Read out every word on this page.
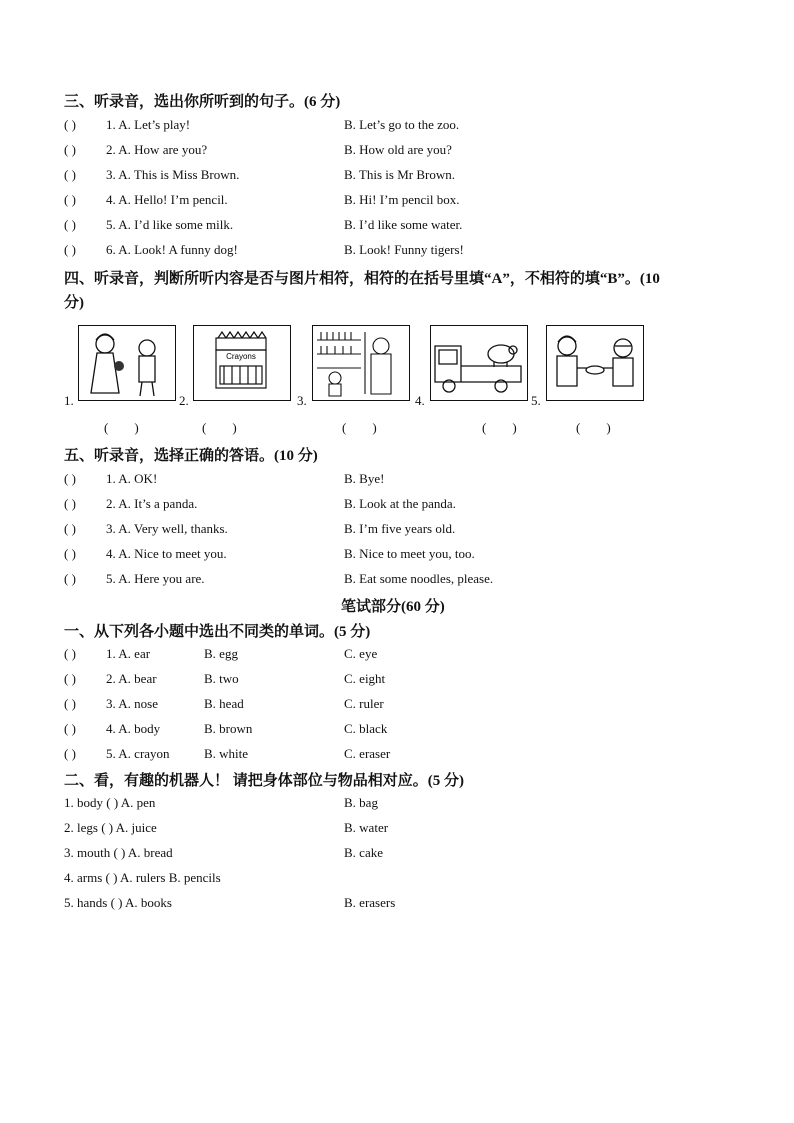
三、听录音，选出你所听到的句子。(6 分)
( ) 1. A. Let’s play!	B. Let’s go to the zoo.
( ) 2. A. How are you?	B. How old are you?
( ) 3. A. This is Miss Brown.	B. This is Mr Brown.
( ) 4. A. Hello! I’m pencil.	B. Hi! I’m pencil box.
( ) 5. A. I’d like some milk.	B. I’d like some water.
( ) 6. A. Look! A funny dog!	B. Look! Funny tigers!
四、听录音，判断所听内容是否与图片相符，相符的在括号里填“A”，不相符的填“B”。(10
分)
1.	2.
Crayons
3.	4.	5.
(        )	(        )	(        )	(        )	(        )
五、听录音，选择正确的答语。(10 分)
( ) 1. A. OK!	B. Bye!
( ) 2. A. It’s a panda.	B. Look at the panda.
( ) 3. A. Very well, thanks.	B. I’m five years old.
( ) 4. A. Nice to meet you.	B. Nice to meet you, too.
( ) 5. A. Here you are.	B. Eat some noodles, please.
笔试部分(60 分)
一、从下列各小题中选出不同类的单词。(5 分)
( ) 1. A. ear	B. egg	C. eye
( ) 2. A. bear	B. two	C. eight
( ) 3. A. nose	B. head	C. ruler
( ) 4. A. body	B. brown	C. black
( ) 5. A. crayon	B. white	C. eraser
二、看，有趣的机器人！ 请把身体部位与物品相对应。(5 分)
1. body ( ) A. pen	B. bag
2. legs ( ) A. juice	B. water
3. mouth ( ) A. bread	B. cake
4. arms ( ) A. rulers B. pencils
5. hands ( ) A. books	B. erasers
